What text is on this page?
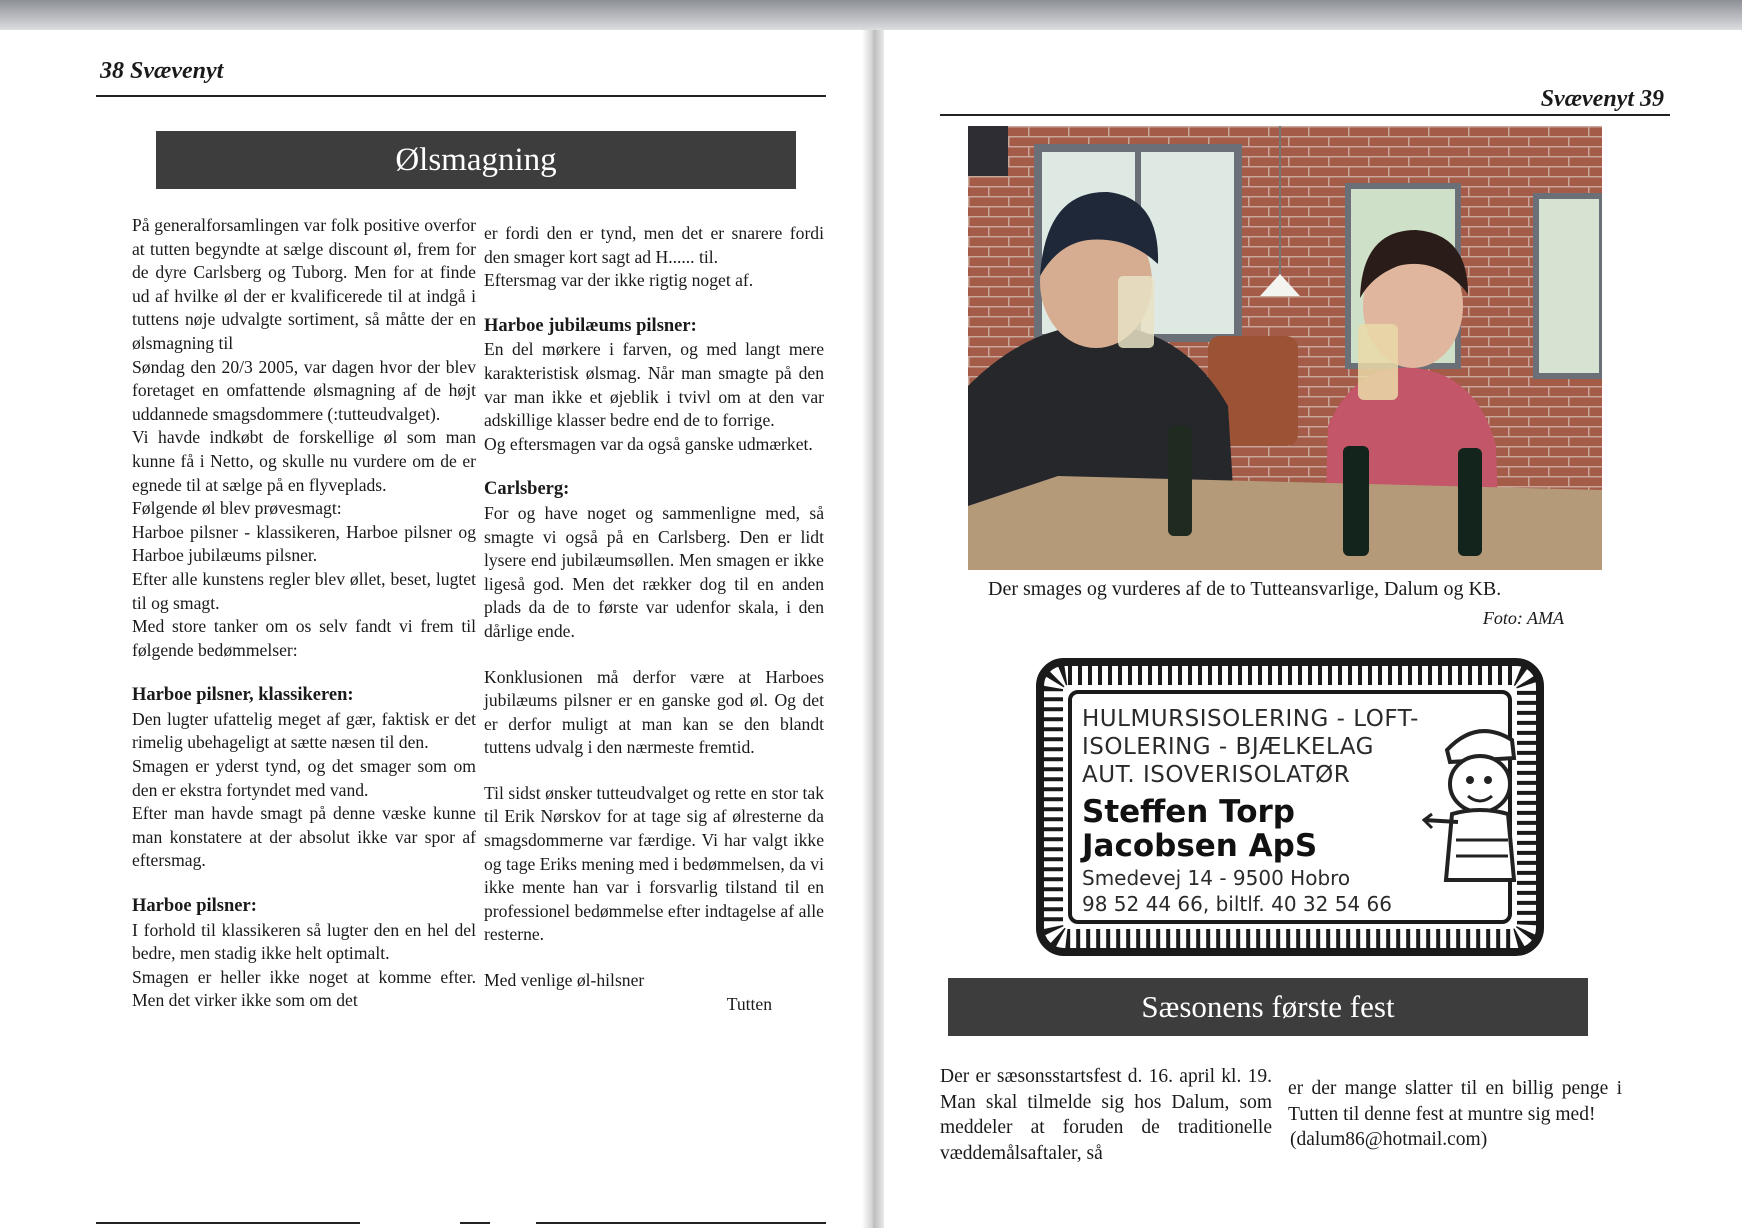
38 Svævenyt
Ølsmagning

På generalforsamlingen var folk positive overfor at tutten begyndte at sælge discount øl, frem for de dyre Carlsberg og Tuborg. Men for at finde ud af hvilke øl der er kvalificerede til at indgå i tuttens nøje udvalgte sortiment, så måtte der en ølsmagning til

Søndag den 20/3 2005, var dagen hvor der blev foretaget en omfattende ølsmagning af de højt uddannede smagsdommere (:tutteudvalget).

Vi havde indkøbt de forskellige øl som man kunne få i Netto, og skulle nu vurdere om de er egnede til at sælge på en flyveplads.

Følgende øl blev prøvesmagt:

Harboe pilsner - klassikeren, Harboe pilsner og Harboe jubilæums pilsner.

Efter alle kunstens regler blev øllet, beset, lugtet til og smagt.

Med store tanker om os selv fandt vi frem til følgende bedømmelser:

Harboe pilsner, klassikeren:

Den lugter ufattelig meget af gær, faktisk er det rimelig ubehageligt at sætte næsen til den.

Smagen er yderst tynd, og det smager som om den er ekstra fortyndet med vand.

Efter man havde smagt på denne væske kunne man konstatere at der absolut ikke var spor af eftersmag.

Harboe pilsner:

I forhold til klassikeren så lugter den en hel del bedre, men stadig ikke helt optimalt.

Smagen er heller ikke noget at komme efter. Men det virker ikke som om det

er fordi den er tynd, men det er snarere fordi den smager kort sagt ad H...... til.

Eftersmag var der ikke rigtig noget af.

Harboe jubilæums pilsner:

En del mørkere i farven, og med langt mere karakteristisk ølsmag. Når man smagte på den var man ikke et øjeblik i tvivl om at den var adskillige klasser bedre end de to forrige.

Og eftersmagen var da også ganske udmærket.

Carlsberg:

For og have noget og sammenligne med, så smagte vi også på en Carlsberg. Den er lidt lysere end jubilæumsøllen. Men smagen er ikke ligeså god. Men det rækker dog til en anden plads da de to første var udenfor skala, i den dårlige ende.

Konklusionen må derfor være at Harboes jubilæums pilsner er en ganske god øl. Og det er derfor muligt at man kan se den blandt tuttens udvalg i den nærmeste fremtid.

Til sidst ønsker tutteudvalget og rette en stor tak til Erik Nørskov for at tage sig af ølresterne da smagsdommerne var færdige. Vi har valgt ikke og tage Eriks mening med i bedømmelsen, da vi ikke mente han var i forsvarlig tilstand til en professionel bedømmelse efter indtagelse af alle resterne.

Med venlige øl-hilsner

Tutten

Svævenyt 39
Der smages og vurderes af de to Tutteansvarlige, Dalum og KB.
Foto: AMA
HULMURSISOLERING - LOFT-
ISOLERING - BJÆLKELAG
AUT. ISOVERISOLATØR
Steffen Torp
Jacobsen ApS
Smedevej 14 - 9500 Hobro
98 52 44 66, biltlf. 40 32 54 66
Sæsonens første fest

Der er sæsonsstartsfest d. 16. april kl. 19. Man skal tilmelde sig hos Dalum, som meddeler at foruden de traditionelle væddemålsaftaler, så

er der mange slatter til en billig penge i Tutten til denne fest at muntre sig med!

(dalum86@hotmail.com)
